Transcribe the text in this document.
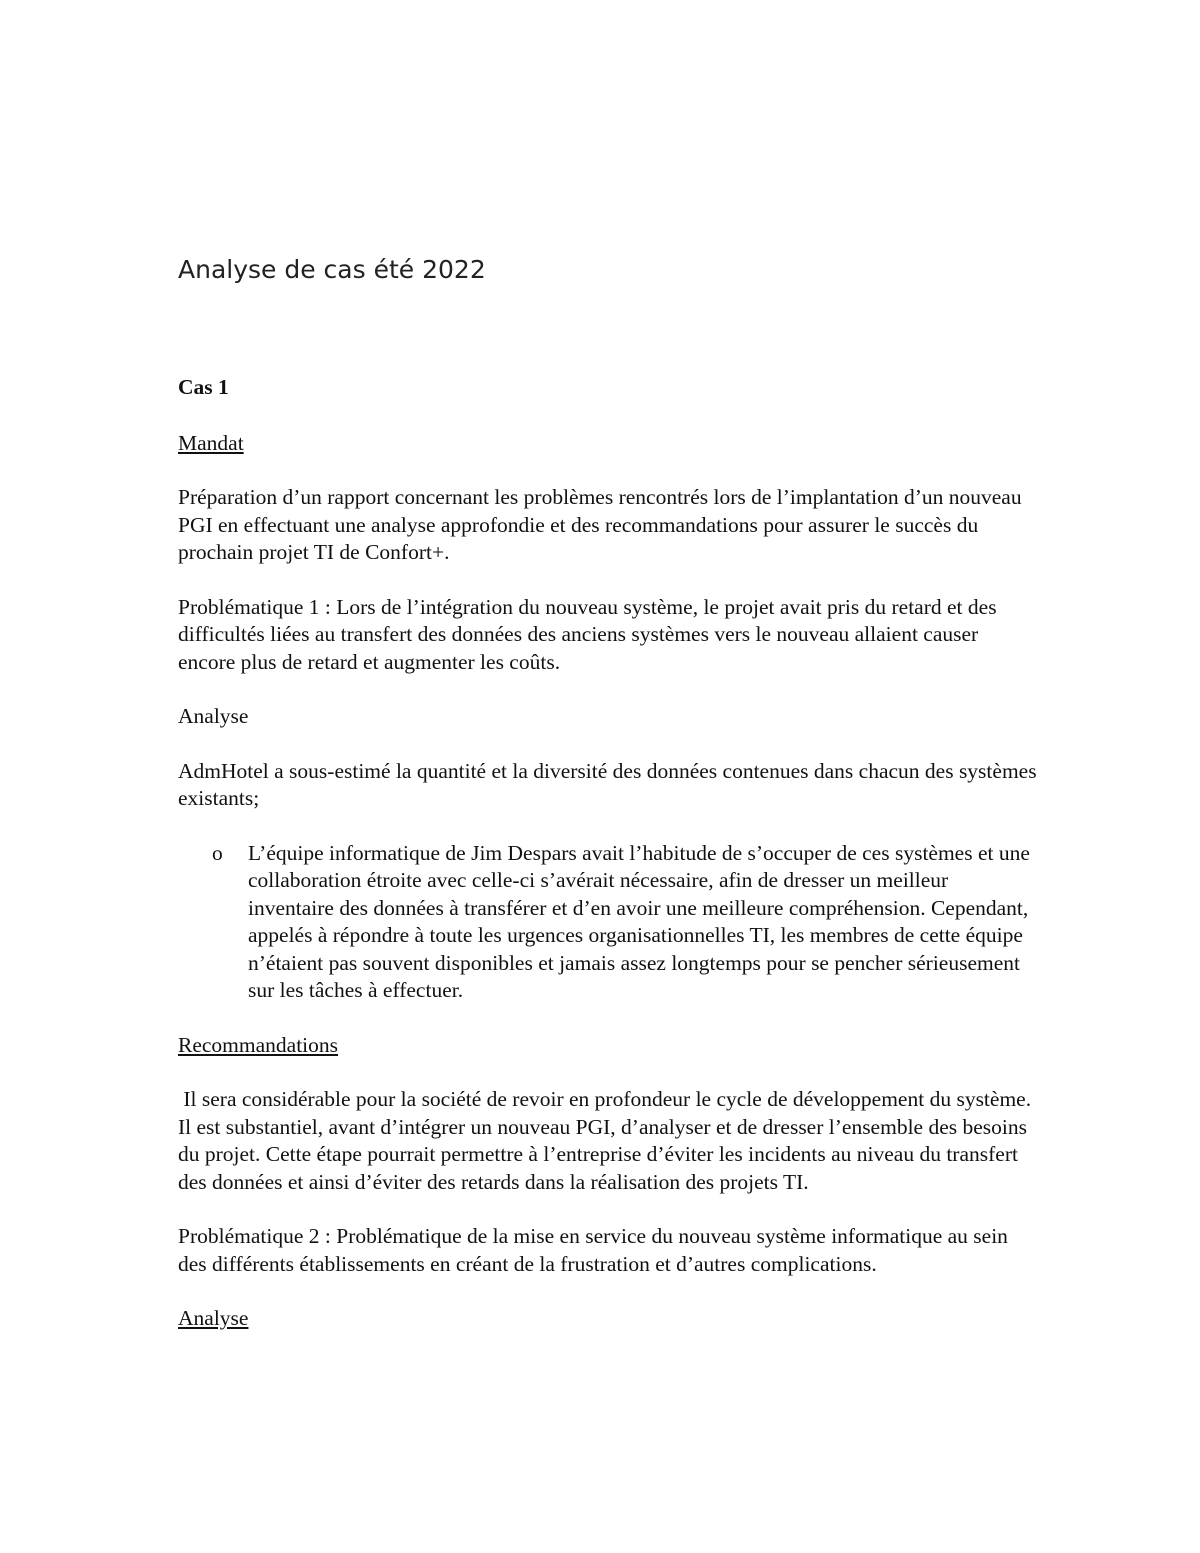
Analyse de cas été 2022
Cas 1
Mandat

Préparation d’un rapport concernant les problèmes rencontrés lors de l’implantation d’un nouveau PGI en effectuant une analyse approfondie et des recommandations pour assurer le succès du prochain projet TI de Confort+.

Problématique 1 : Lors de l’intégration du nouveau système, le projet avait pris du retard et des difficultés liées au transfert des données des anciens systèmes vers le nouveau allaient causer encore plus de retard et augmenter les coûts.

Analyse

AdmHotel a sous-estimé la quantité et la diversité des données contenues dans chacun des systèmes existants;

o L’équipe informatique de Jim Despars avait l’habitude de s’occuper de ces systèmes et une collaboration étroite avec celle-ci s’avérait nécessaire, afin de dresser un meilleur inventaire des données à transférer et d’en avoir une meilleure compréhension. Cependant, appelés à répondre à toute les urgences organisationnelles TI, les membres de cette équipe n’étaient pas souvent disponibles et jamais assez longtemps pour se pencher sérieusement sur les tâches à effectuer.
Recommandations

Il sera considérable pour la société de revoir en profondeur le cycle de développement du système. Il est substantiel, avant d’intégrer un nouveau PGI, d’analyser et de dresser l’ensemble des besoins du projet. Cette étape pourrait permettre à l’entreprise d’éviter les incidents au niveau du transfert des données et ainsi d’éviter des retards dans la réalisation des projets TI.

Problématique 2 : Problématique de la mise en service du nouveau système informatique au sein des différents établissements en créant de la frustration et d’autres complications.

Analyse
